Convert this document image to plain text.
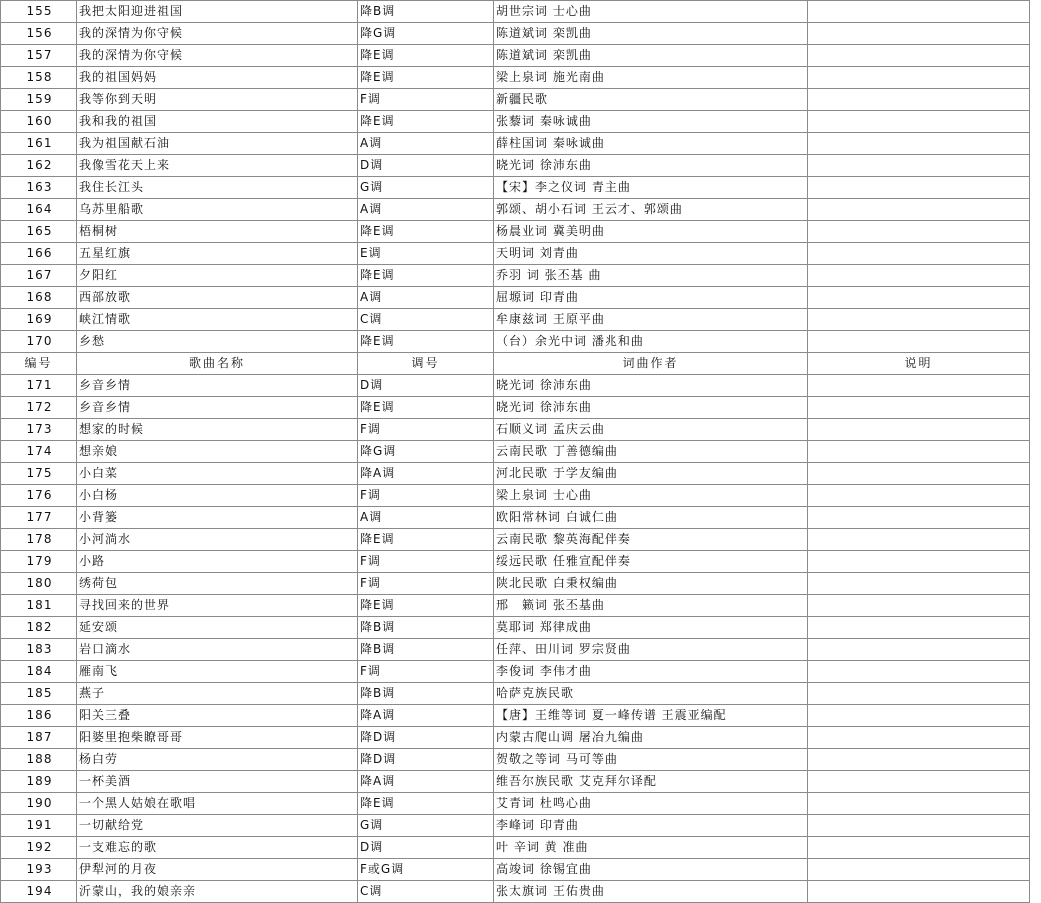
155	我把太阳迎进祖国	降B调	胡世宗词 士心曲		
156	我的深情为你守候	降G调	陈道斌词 栾凯曲		
157	我的深情为你守候	降E调	陈道斌词 栾凯曲		
158	我的祖国妈妈	降E调	梁上泉词 施光南曲		
159	我等你到天明	F调	新疆民歌		
160	我和我的祖国	降E调	张藜词 秦咏诚曲		
161	我为祖国献石油	A调	薛柱国词 秦咏诚曲		
162	我像雪花天上来	D调	晓光词 徐沛东曲		
163	我住长江头	G调	【宋】李之仪词 青主曲		
164	乌苏里船歌	A调	郭颂、胡小石词 王云才、郭颂曲		
165	梧桐树	降E调	杨晨业词 冀美明曲		
166	五星红旗	E调	天明词 刘青曲		
167	夕阳红	降E调	乔羽 词 张丕基 曲		
168	西部放歌	A调	屈塬词 印青曲		
169	峡江情歌	C调	牟康兹词 王原平曲		
170	乡愁	降E调	（台）余光中词 潘兆和曲		
编号	歌曲名称	调号	词曲作者	说明	
171	乡音乡情	D调	晓光词 徐沛东曲		
172	乡音乡情	降E调	晓光词 徐沛东曲		
173	想家的时候	F调	石顺义词 孟庆云曲		
174	想亲娘	降G调	云南民歌 丁善德编曲		
175	小白菜	降A调	河北民歌 于学友编曲		
176	小白杨	F调	梁上泉词 士心曲		
177	小背篓	A调	欧阳常林词 白诚仁曲		
178	小河淌水	降E调	云南民歌 黎英海配伴奏		
179	小路	F调	绥远民歌 任雅宣配伴奏		
180	绣荷包	F调	陕北民歌 白秉权编曲		
181	寻找回来的世界	降E调	邢　籁词 张丕基曲		
182	延安颂	降B调	莫耶词 郑律成曲		
183	岩口滴水	降B调	任萍、田川词 罗宗贤曲		
184	雁南飞	F调	李俊词 李伟才曲		
185	燕子	降B调	哈萨克族民歌		
186	阳关三叠	降A调	【唐】王维等词 夏一峰传谱 王震亚编配		
187	阳婆里抱柴瞭哥哥	降D调	内蒙古爬山调 屠冶九编曲		
188	杨白劳	降D调	贺敬之等词 马可等曲		
189	一杯美酒	降A调	维吾尔族民歌 艾克拜尔译配		
190	一个黑人姑娘在歌唱	降E调	艾青词 杜鸣心曲		
191	一切献给党	G调	李峰词 印青曲		
192	一支难忘的歌	D调	叶 辛词 黄 准曲		
193	伊犁河的月夜	F或G调	高竣词 徐锡宜曲		
194	沂蒙山，我的娘亲亲	C调	张太旗词 王佑贵曲		
